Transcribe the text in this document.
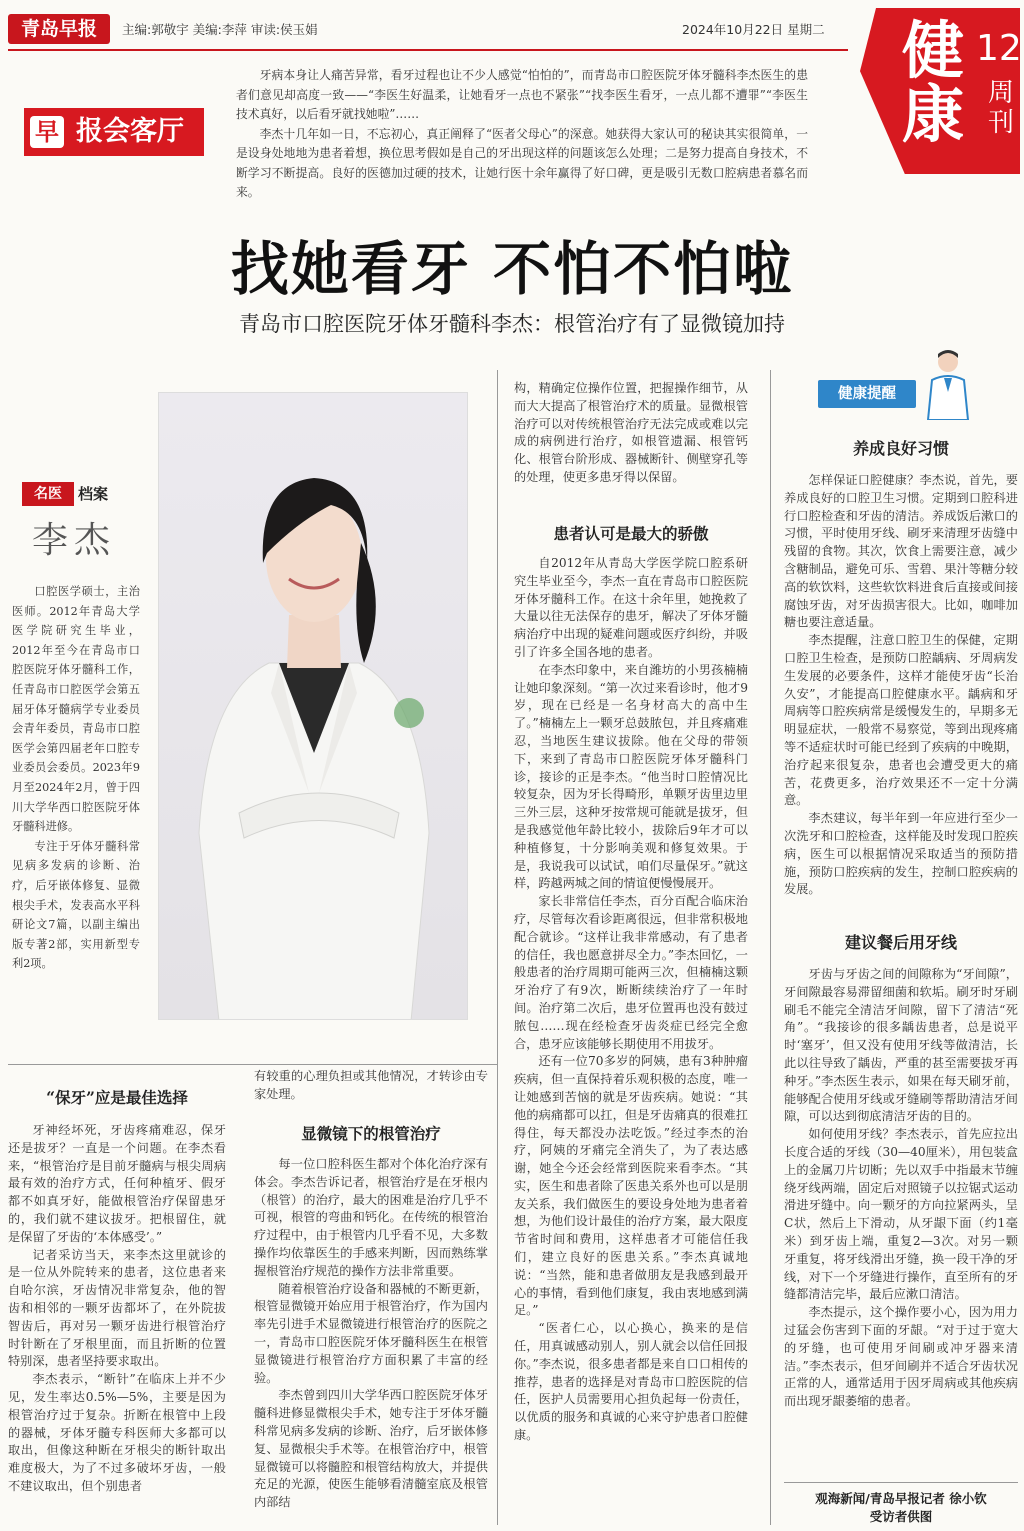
青岛早报	主编:郭敬宇 美编:李萍 审读:侯玉娟	2024年10月22日 星期二 健
康
12
周刊
报会客厅
早

牙病本身让人痛苦异常，看牙过程也让不少人感觉“怕怕的”，而青岛市口腔医院牙体牙髓科李杰医生的患者们意见却高度一致——“李医生好温柔，让她看牙一点也不紧张”“找李医生看牙，一点儿都不遭罪”“李医生技术真好，以后看牙就找她啦”……

李杰十几年如一日，不忘初心，真正阐释了“医者父母心”的深意。她获得大家认可的秘诀其实很简单，一是设身处地地为患者着想，换位思考假如是自己的牙出现这样的问题该怎么处理；二是努力提高自身技术，不断学习不断提高。良好的医德加过硬的技术，让她行医十余年赢得了好口碑，更是吸引无数口腔病患者慕名而来。

找她看牙 不怕不怕啦
青岛市口腔医院牙体牙髓科李杰：根管治疗有了显微镜加持
名医	档案
李杰

口腔医学硕士，主治医师。2012年青岛大学医学院研究生毕业，2012年至今在青岛市口腔医院牙体牙髓科工作，任青岛市口腔医学会第五届牙体牙髓病学专业委员会青年委员，青岛市口腔医学会第四届老年口腔专业委员会委员。2023年9月至2024年2月，曾于四川大学华西口腔医院牙体牙髓科进修。

专注于牙体牙髓科常见病多发病的诊断、治疗，后牙嵌体修复、显微根尖手术，发表高水平科研论文7篇，以副主编出版专著2部，实用新型专利2项。

“保牙”应是最佳选择

牙神经坏死，牙齿疼痛难忍，保牙还是拔牙？一直是一个问题。在李杰看来，“根管治疗是目前牙髓病与根尖周病最有效的治疗方式，任何种植牙、假牙都不如真牙好，能做根管治疗保留患牙的，我们就不建议拔牙。把根留住，就是保留了牙齿的‘本体感受’。”

记者采访当天，来李杰这里就诊的是一位从外院转来的患者，这位患者来自哈尔滨，牙齿情况非常复杂，他的智齿和相邻的一颗牙齿都坏了，在外院拔智齿后，再对另一颗牙齿进行根管治疗时针断在了牙根里面，而且折断的位置特别深，患者坚持要求取出。

李杰表示，“断针”在临床上并不少见，发生率达0.5%—5%，主要是因为根管治疗过于复杂。折断在根管中上段的器械，牙体牙髓专科医师大多都可以取出，但像这种断在牙根尖的断针取出难度极大，为了不过多破坏牙齿，一般不建议取出，但个别患者

有较重的心理负担或其他情况，才转诊由专家处理。

显微镜下的根管治疗

每一位口腔科医生都对个体化治疗深有体会。李杰告诉记者，根管治疗是在牙根内（根管）的治疗，最大的困难是治疗几乎不可视，根管的弯曲和钙化。在传统的根管治疗过程中，由于根管内几乎看不见，大多数操作均依靠医生的手感来判断，因而熟练掌握根管治疗规范的操作方法非常重要。

随着根管治疗设备和器械的不断更新，根管显微镜开始应用于根管治疗，作为国内率先引进手术显微镜进行根管治疗的医院之一，青岛市口腔医院牙体牙髓科医生在根管显微镜进行根管治疗方面积累了丰富的经验。

李杰曾到四川大学华西口腔医院牙体牙髓科进修显微根尖手术，她专注于牙体牙髓科常见病多发病的诊断、治疗，后牙嵌体修复、显微根尖手术等。在根管治疗中，根管显微镜可以将髓腔和根管结构放大，并提供充足的光源，使医生能够看清髓室底及根管内部结

构，精确定位操作位置，把握操作细节，从而大大提高了根管治疗术的质量。显微根管治疗可以对传统根管治疗无法完成或难以完成的病例进行治疗，如根管遗漏、根管钙化、根管台阶形成、器械断针、侧壁穿孔等的处理，使更多患牙得以保留。

患者认可是最大的骄傲

自2012年从青岛大学医学院口腔系研究生毕业至今，李杰一直在青岛市口腔医院牙体牙髓科工作。在这十余年里，她挽救了大量以往无法保存的患牙，解决了牙体牙髓病治疗中出现的疑难问题或医疗纠纷，并吸引了许多全国各地的患者。

在李杰印象中，来自潍坊的小男孩楠楠让她印象深刻。“第一次过来看诊时，他才9岁，现在已经是一名身材高大的高中生了。”楠楠左上一颗牙总鼓脓包，并且疼痛难忍，当地医生建议拔除。他在父母的带领下，来到了青岛市口腔医院牙体牙髓科门诊，接诊的正是李杰。“他当时口腔情况比较复杂，因为牙长得畸形，单颗牙齿里边里三外三层，这种牙按常规可能就是拔牙，但是我感觉他年龄比较小，拔除后9年才可以种植修复，十分影响美观和修复效果。于是，我说我可以试试，咱们尽量保牙。”就这样，跨越两城之间的情谊便慢慢展开。

家长非常信任李杰，百分百配合临床治疗，尽管每次看诊距离很远，但非常积极地配合就诊。“这样让我非常感动，有了患者的信任，我也愿意拼尽全力。”李杰回忆，一般患者的治疗周期可能两三次，但楠楠这颗牙治疗了有9次，断断续续治疗了一年时间。治疗第二次后，患牙位置再也没有鼓过脓包……现在经检查牙齿炎症已经完全愈合，患牙应该能够长期使用不用拔牙。

还有一位70多岁的阿姨，患有3种肿瘤疾病，但一直保持着乐观积极的态度，唯一让她感到苦恼的就是牙齿疾病。她说：“其他的病痛都可以扛，但是牙齿痛真的很难扛得住，每天都没办法吃饭。”经过李杰的治疗，阿姨的牙痛完全消失了，为了表达感谢，她全今还会经常到医院来看李杰。“其实，医生和患者除了医患关系外也可以是朋友关系，我们做医生的要设身处地为患者着想，为他们设计最佳的治疗方案，最大限度节省时间和费用，这样患者才可能信任我们，建立良好的医患关系。”李杰真诚地说：“当然，能和患者做朋友是我感到最开心的事情，看到他们康复，我由衷地感到满足。”

“医者仁心，以心换心，换来的是信任，用真诚感动别人，别人就会以信任回报你。”李杰说，很多患者都是来自口口相传的推荐，患者的选择是对青岛市口腔医院的信任，医护人员需要用心担负起每一份责任，以优质的服务和真诚的心来守护患者口腔健康。

健康提醒
养成良好习惯

怎样保证口腔健康？李杰说，首先，要养成良好的口腔卫生习惯。定期到口腔科进行口腔检查和牙齿的清洁。养成饭后漱口的习惯，平时使用牙线、刷牙来清理牙齿缝中残留的食物。其次，饮食上需要注意，减少含糖制品，避免可乐、雪碧、果汁等糖分较高的软饮料，这些软饮料进食后直接或间接腐蚀牙齿，对牙齿损害很大。比如，咖啡加糖也要注意适量。

李杰提醒，注意口腔卫生的保健，定期口腔卫生检查，是预防口腔龋病、牙周病发生发展的必要条件，这样才能使牙齿“长治久安”，才能提高口腔健康水平。龋病和牙周病等口腔疾病常是缓慢发生的，早期多无明显症状，一般常不易察觉，等到出现疼痛等不适症状时可能已经到了疾病的中晚期，治疗起来很复杂，患者也会遭受更大的痛苦，花费更多，治疗效果还不一定十分满意。

李杰建议，每半年到一年应进行至少一次洗牙和口腔检查，这样能及时发现口腔疾病，医生可以根据情况采取适当的预防措施，预防口腔疾病的发生，控制口腔疾病的发展。

建议餐后用牙线

牙齿与牙齿之间的间隙称为“牙间隙”，牙间隙最容易滞留细菌和软垢。刷牙时牙刷刷毛不能完全清洁牙间隙，留下了清洁“死角”。“我接诊的很多龋齿患者，总是说平时‘塞牙’，但又没有使用牙线等做清洁，长此以往导致了龋齿，严重的甚至需要拔牙再种牙。”李杰医生表示，如果在每天刷牙前，能够配合使用牙线或牙缝刷等帮助清洁牙间隙，可以达到彻底清洁牙齿的目的。

如何使用牙线？李杰表示，首先应拉出长度合适的牙线（30—40厘米），用包装盒上的金属刀片切断；先以双手中指最末节缠绕牙线两端，固定后对照镜子以拉锯式运动滑进牙缝中。向一颗牙的方向拉紧两头，呈C状，然后上下滑动，从牙龈下面（约1毫米）到牙齿上端，重复2—3次。对另一颗牙重复，将牙线滑出牙缝，换一段干净的牙线，对下一个牙缝进行操作，直至所有的牙缝都清洁完毕，最后应漱口清洁。

李杰提示，这个操作要小心，因为用力过猛会伤害到下面的牙龈。“对于过于宽大的牙缝，也可使用牙间刷或冲牙器来清洁。”李杰表示，但牙间刷并不适合牙齿状况正常的人，通常适用于因牙周病或其他疾病而出现牙龈萎缩的患者。

观海新闻/青岛早报记者 徐小钦
受访者供图
